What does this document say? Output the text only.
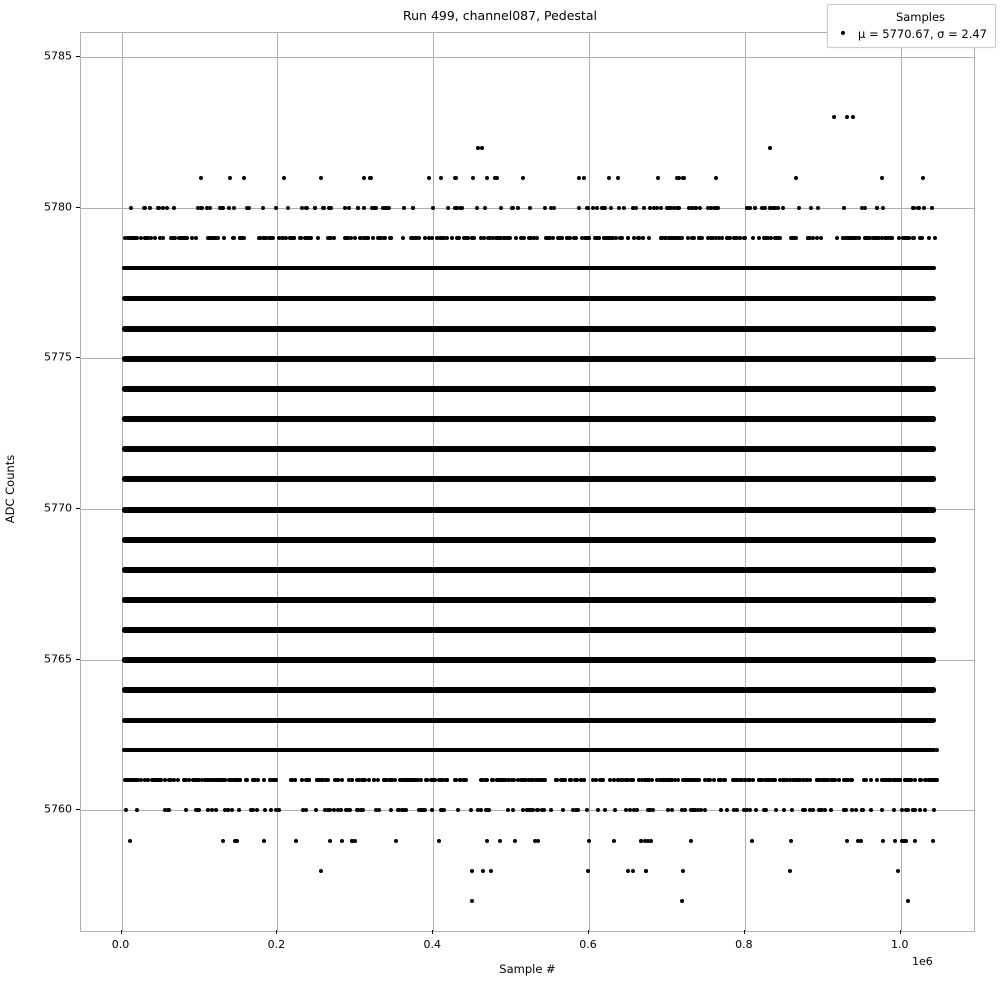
Run 499, channel087, Pedestal	Samples
• μ = 5770.67, σ = 2.47
Sample #
ADC Counts
1e6
0.0	0.2	0.4	0.6	0.8	1.0
5760
5765
5770
5775
5780
5785
